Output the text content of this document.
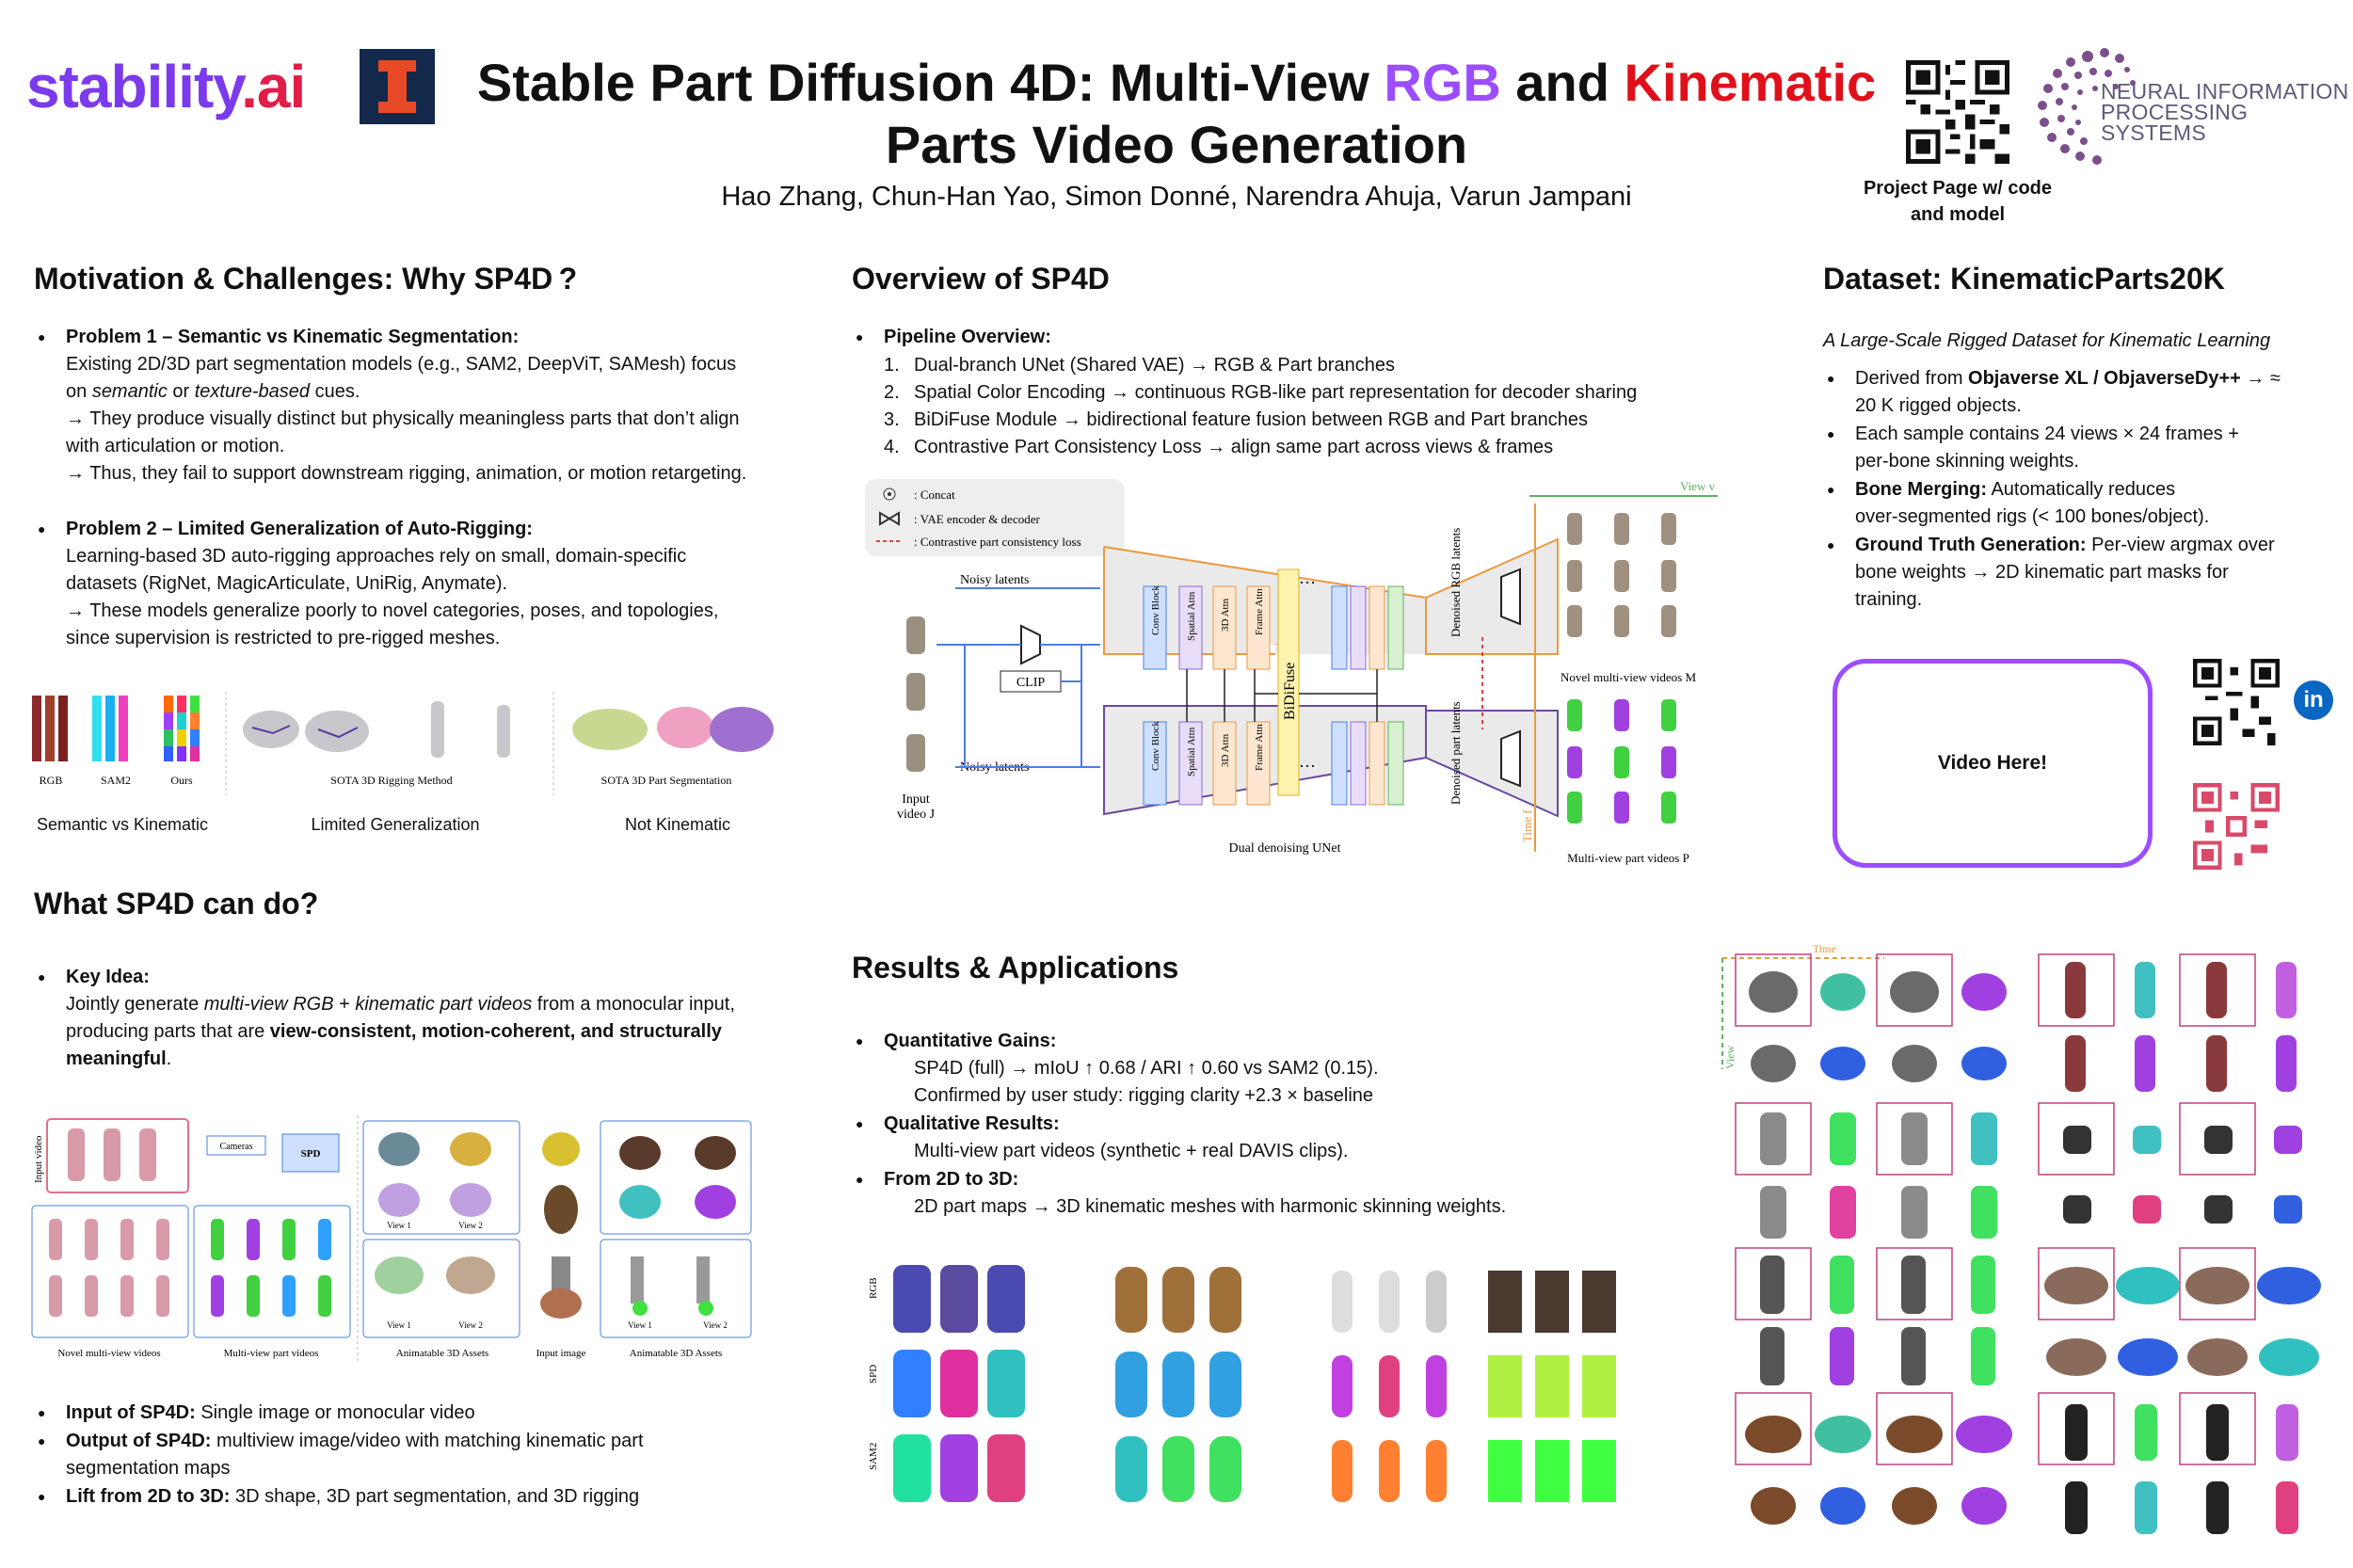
stability.ai	Stable Part Diffusion 4D: Multi-View RGB and Kinematic
Parts Video Generation
Hao Zhang, Chun-Han Yao, Simon Donné, Narendra Ahuja, Varun Jampani	Project Page w/ code
and model
NEURAL INFORMATION
PROCESSING SYSTEMS
Motivation & Challenges: Why SP4D ?
● Problem 1 – Semantic vs Kinematic Segmentation:
Existing 2D/3D part segmentation models (e.g., SAM2, DeepViT, SAMesh) focus
on semantic or texture-based cues.
→ They produce visually distinct but physically meaningless parts that don’t align
with articulation or motion.
→ Thus, they fail to support downstream rigging, animation, or motion retargeting.
● Problem 2 – Limited Generalization of Auto-Rigging:
Learning-based 3D auto-rigging approaches rely on small, domain-specific
datasets (RigNet, MagicArticulate, UniRig, Anymate).
→ These models generalize poorly to novel categories, poses, and topologies,
since supervision is restricted to pre-rigged meshes.
RGB	SAM2	Ours	SOTA 3D Rigging Method	SOTA 3D Part Segmentation
Semantic vs Kinematic	Limited Generalization	Not Kinematic
Overview of SP4D
● Pipeline Overview:
1. Dual-branch UNet (Shared VAE) → RGB & Part branches
2. Spatial Color Encoding → continuous RGB-like part representation for decoder sharing
3. BiDiFuse Module → bidirectional feature fusion between RGB and Part branches
4. Contrastive Part Consistency Loss → align same part across views & frames
: Concat
: VAE encoder & decoder
: Contrastive part consistency loss
Noisy latents
Noisy latents
Input
video J
CLIP
Conv Block Spatial Attn 3D Attn Frame Attn
Conv Block Spatial Attn 3D Attn Frame Attn
…
…
BiDiFuse
Dual denoising UNet
Denoised RGB latents
Denoised part latents
View v
Time f
Novel multi-view videos M
Multi-view part videos P
Dataset: KinematicParts20K
A Large-Scale Rigged Dataset for Kinematic Learning
● Derived from Objaverse XL / ObjaverseDy++ → ≈
20 K rigged objects.
● Each sample contains 24 views × 24 frames +
per-bone skinning weights.
● Bone Merging: Automatically reduces
over-segmented rigs (< 100 bones/object).
● Ground Truth Generation: Per-view argmax over
bone weights → 2D kinematic part masks for
training.
Video Here!
in
What SP4D can do?
● Key Idea:
Jointly generate multi-view RGB + kinematic part videos from a monocular input,
producing parts that are view-consistent, motion-coherent, and structurally
meaningful.
Input video	Cameras
SPD
Novel multi-view videos	Multi-view part videos
View 1	View 2
View 1	View 2
Animatable 3D Assets	Input image
View 1	View 2
Animatable 3D Assets
● Input of SP4D: Single image or monocular video
● Output of SP4D: multiview image/video with matching kinematic part
segmentation maps
● Lift from 2D to 3D: 3D shape, 3D part segmentation, and 3D rigging
Results & Applications
● Quantitative Gains:
SP4D (full) → mIoU ↑ 0.68 / ARI ↑ 0.60 vs SAM2 (0.15).
Confirmed by user study: rigging clarity +2.3 × baseline
● Qualitative Results:
Multi-view part videos (synthetic + real DAVIS clips).
● From 2D to 3D:
2D part maps → 3D kinematic meshes with harmonic skinning weights.
RGB
SPD
SAM2
Time
View
